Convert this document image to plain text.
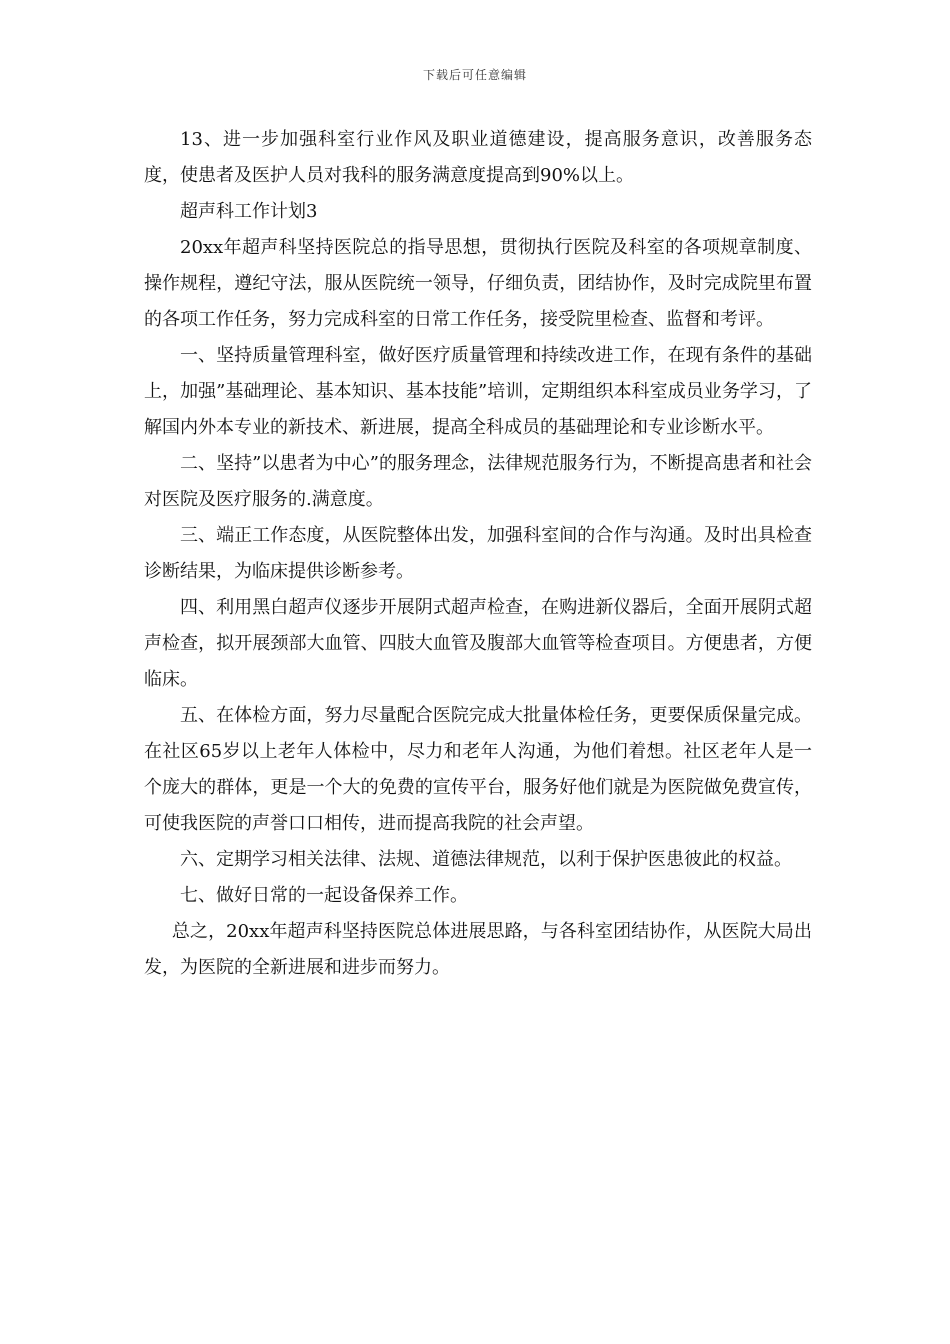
下载后可任意编辑

13、进一步加强科室行业作风及职业道德建设，提高服务意识，改善服务态度，使患者及医护人员对我科的服务满意度提高到90%以上。

超声科工作计划3

20xx年超声科坚持医院总的指导思想，贯彻执行医院及科室的各项规章制度、操作规程，遵纪守法，服从医院统一领导，仔细负责，团结协作，及时完成院里布置的各项工作任务，努力完成科室的日常工作任务，接受院里检查、监督和考评。

一、坚持质量管理科室，做好医疗质量管理和持续改进工作，在现有条件的基础上，加强”基础理论、基本知识、基本技能”培训，定期组织本科室成员业务学习，了解国内外本专业的新技术、新进展，提高全科成员的基础理论和专业诊断水平。

二、坚持”以患者为中心”的服务理念，法律规范服务行为，不断提高患者和社会对医院及医疗服务的.满意度。

三、端正工作态度，从医院整体出发，加强科室间的合作与沟通。及时出具检查诊断结果，为临床提供诊断参考。

四、利用黑白超声仪逐步开展阴式超声检查，在购进新仪器后，全面开展阴式超声检查，拟开展颈部大血管、四肢大血管及腹部大血管等检查项目。方便患者，方便临床。

五、在体检方面，努力尽量配合医院完成大批量体检任务，更要保质保量完成。在社区65岁以上老年人体检中，尽力和老年人沟通，为他们着想。社区老年人是一个庞大的群体，更是一个大的免费的宣传平台，服务好他们就是为医院做免费宣传，可使我医院的声誉口口相传，进而提高我院的社会声望。

六、定期学习相关法律、法规、道德法律规范，以利于保护医患彼此的权益。

七、做好日常的一起设备保养工作。

总之，20xx年超声科坚持医院总体进展思路，与各科室团结协作，从医院大局出发，为医院的全新进展和进步而努力。
